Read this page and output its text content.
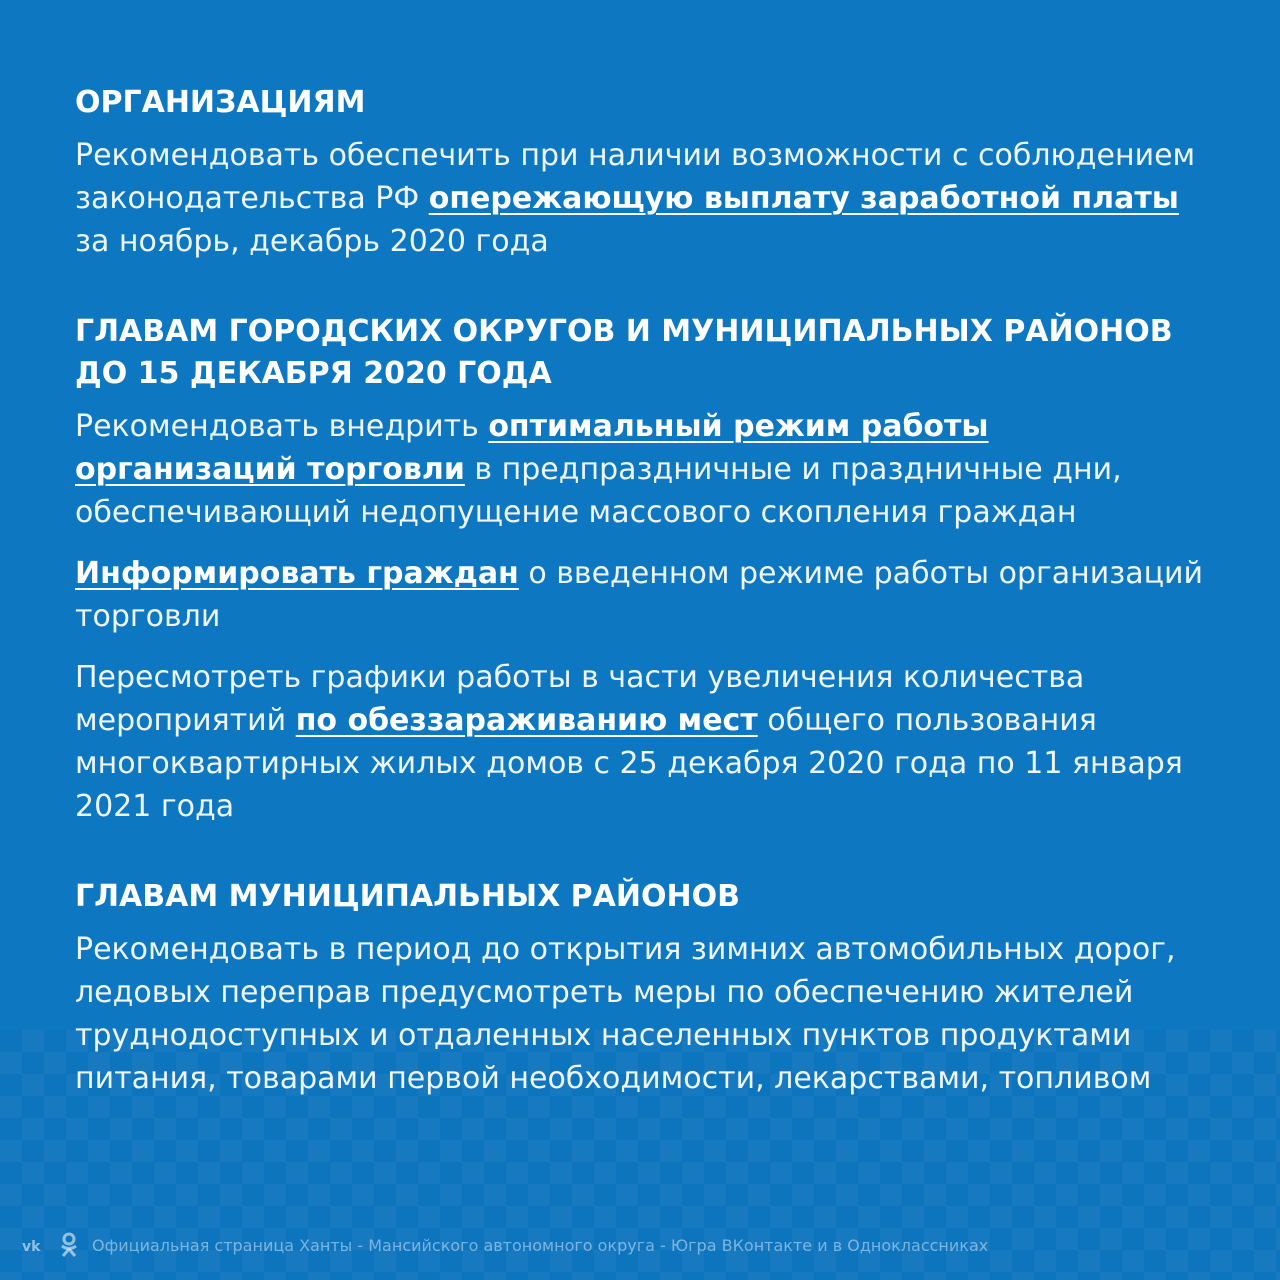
ОРГАНИЗАЦИЯМ

Рекомендовать обеспечить при наличии возможности с соблюдением законодательства РФ опережающую выплату заработной платы за ноябрь, декабрь 2020 года

ГЛАВАМ ГОРОДСКИХ ОКРУГОВ И МУНИЦИПАЛЬНЫХ РАЙОНОВ
ДО 15 ДЕКАБРЯ 2020 ГОДА

Рекомендовать внедрить оптимальный режим работы организаций торговли в предпраздничные и праздничные дни, обеспечивающий недопущение массового скопления граждан

Информировать граждан о введенном режиме работы организаций торговли

Пересмотреть графики работы в части увеличения количества мероприятий по обеззараживанию мест общего пользования многоквартирных жилых домов с 25 декабря 2020 года по 11 января 2021 года

ГЛАВАМ МУНИЦИПАЛЬНЫХ РАЙОНОВ

Рекомендовать в период до открытия зимних автомобильных дорог, ледовых переправ предусмотреть меры по обеспечению жителей труднодоступных и отдаленных населенных пунктов продуктами питания, товарами первой необходимости, лекарствами, топливом

vk	Официальная страница Ханты - Мансийского автономного округа - Югра ВКонтакте и в Одноклассниках
